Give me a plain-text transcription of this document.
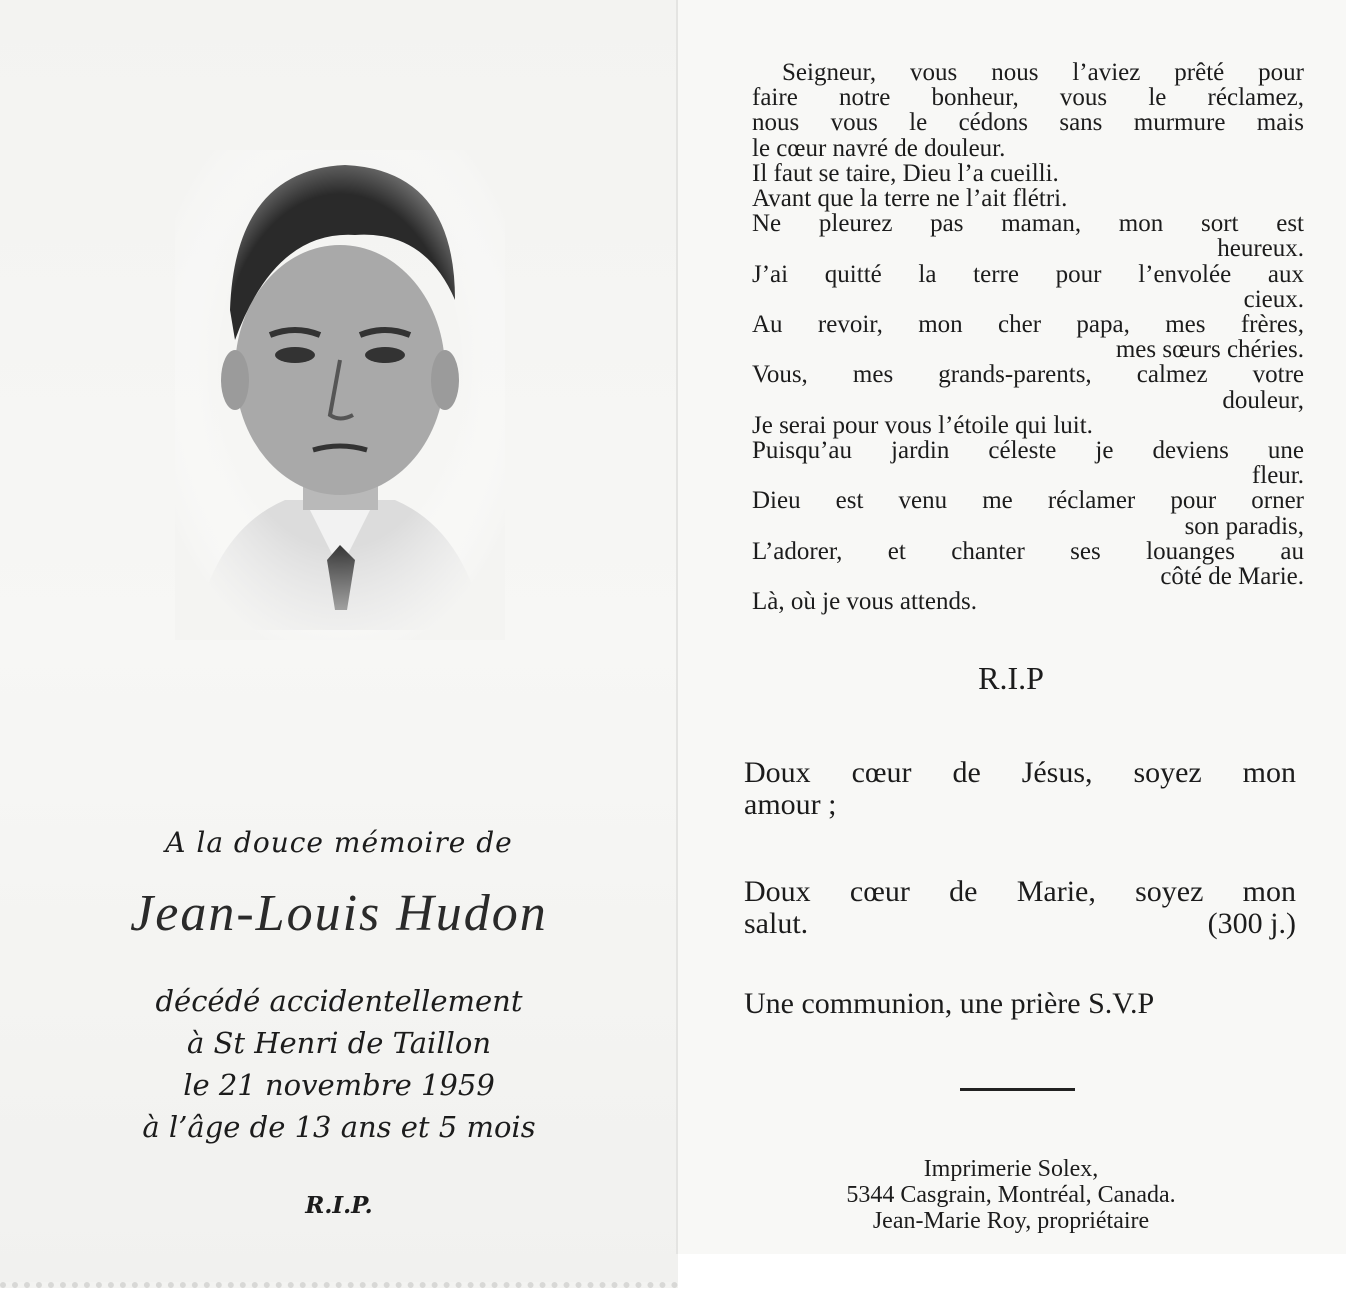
A la douce mémoire de
Jean-Louis Hudon
décédé accidentellement
à St Henri de Taillon
le 21 novembre 1959
à l’âge de 13 ans et 5 mois
R.I.P.
Seigneur, vous nous l’aviez prêté pour
faire notre bonheur, vous le réclamez,
nous vous le cédons sans murmure mais
le cœur navré de douleur.
Il faut se taire, Dieu l’a cueilli.
Avant que la terre ne l’ait flétri.
Ne pleurez pas maman, mon sort est
heureux.
J’ai quitté la terre pour l’envolée aux
cieux.
Au revoir, mon cher papa, mes frères,
mes sœurs chéries.
Vous, mes grands-parents, calmez votre
douleur,
Je serai pour vous l’étoile qui luit.
Puisqu’au jardin céleste je deviens une
fleur.
Dieu est venu me réclamer pour orner
son paradis,
L’adorer, et chanter ses louanges au
côté de Marie.
Là, où je vous attends.
R.I.P
Doux cœur de Jésus, soyez mon
amour ;
Doux cœur de Marie, soyez mon
salut.	(300 j.)
Une communion, une prière S.V.P
Imprimerie Solex,
5344 Casgrain, Montréal, Canada.
Jean-Marie Roy, propriétaire
